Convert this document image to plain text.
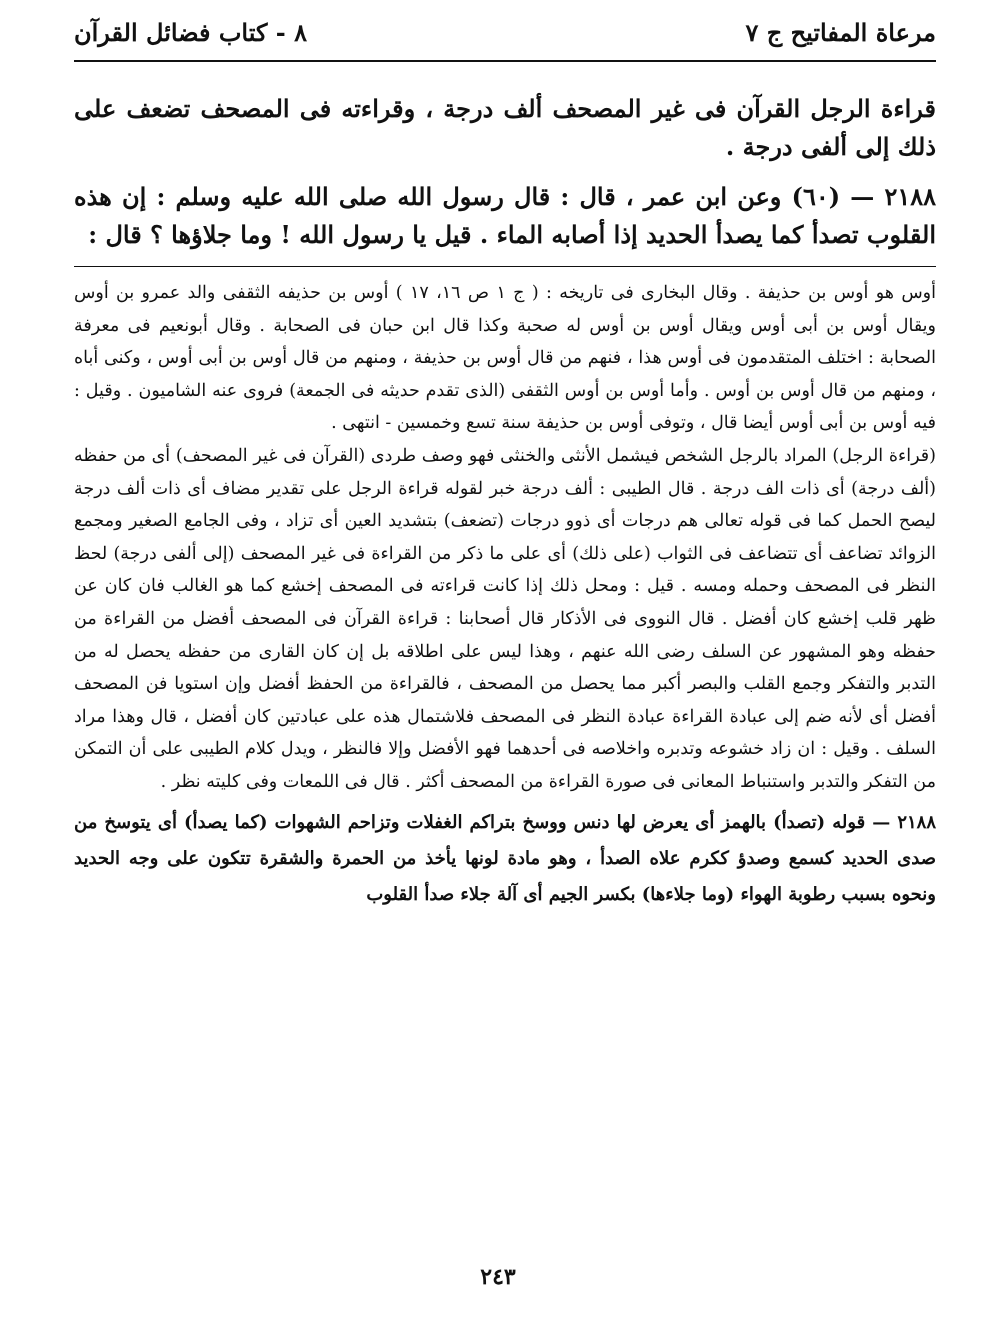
مرعاة المفاتيح ج ٧
٨ - كتاب فضائل القرآن

قراءة الرجل القرآن فى غير المصحف ألف درجة ، وقراءته فى المصحف تضعف على ذلك إلى ألفى درجة .

٢١٨٨ — (٦٠) وعن ابن عمر ، قال : قال رسول الله صلى الله عليه وسلم : إن هذه القلوب تصدأ كما يصدأ الحديد إذا أصابه الماء . قيل يا رسول الله ! وما جلاؤها ؟ قال :

أوس هو أوس بن حذيفة . وقال البخارى فى تاريخه : ( ج ١ ص ١٦، ١٧ ) أوس بن حذيفه الثقفى والد عمرو بن أوس ويقال أوس بن أبى أوس ويقال أوس بن أوس له صحبة وكذا قال ابن حبان فى الصحابة . وقال أبونعيم فى معرفة الصحابة : اختلف المتقدمون فى أوس هذا ، فنهم من قال أوس بن حذيفة ، ومنهم من قال أوس بن أبى أوس ، وكنى أباه ، ومنهم من قال أوس بن أوس . وأما أوس بن أوس الثقفى (الذى تقدم حديثه فى الجمعة) فروى عنه الشاميون . وقيل : فيه أوس بن أبى أوس أيضا قال ، وتوفى أوس بن حذيفة سنة تسع وخمسين - انتهى .

(قراءة الرجل) المراد بالرجل الشخص فيشمل الأنثى والخنثى فهو وصف طردى (القرآن فى غير المصحف) أى من حفظه (ألف درجة) أى ذات الف درجة . قال الطيبى : ألف درجة خبر لقوله قراءة الرجل على تقدير مضاف أى ذات ألف درجة ليصح الحمل كما فى قوله تعالى هم درجات أى ذوو درجات (تضعف) بتشديد العين أى تزاد ، وفى الجامع الصغير ومجمع الزوائد تضاعف أى تتضاعف فى الثواب (على ذلك) أى على ما ذكر من القراءة فى غير المصحف (إلى ألفى درجة) لحظ النظر فى المصحف وحمله ومسه . قيل : ومحل ذلك إذا كانت قراءته فى المصحف إخشع كما هو الغالب فان كان عن ظهر قلب إخشع كان أفضل . قال النووى فى الأذكار قال أصحابنا : قراءة القرآن فى المصحف أفضل من القراءة من حفظه وهو المشهور عن السلف رضى الله عنهم ، وهذا ليس على اطلاقه بل إن كان القارى من حفظه يحصل له من التدبر والتفكر وجمع القلب والبصر أكبر مما يحصل من المصحف ، فالقراءة من الحفظ أفضل وإن استويا فن المصحف أفضل أى لأنه ضم إلى عبادة القراءة عبادة النظر فى المصحف فلاشتمال هذه على عبادتين كان أفضل ، قال وهذا مراد السلف . وقيل : ان زاد خشوعه وتدبره واخلاصه فى أحدهما فهو الأفضل وإلا فالنظر ، ويدل كلام الطيبى على أن التمكن من التفكر والتدبر واستنباط المعانى فى صورة القراءة من المصحف أكثر . قال فى اللمعات وفى كليته نظر .

٢١٨٨ — قوله (تصدأ) بالهمز أى يعرض لها دنس ووسخ بتراكم الغفلات وتزاحم الشهوات (كما يصدأ) أى يتوسخ من صدى الحديد كسمع وصدؤ ككرم علاه الصدأ ، وهو مادة لونها يأخذ من الحمرة والشقرة تتكون على وجه الحديد ونحوه بسبب رطوبة الهواء (وما جلاءها) بكسر الجيم أى آلة جلاء صدأ القلوب

٢٤٣
